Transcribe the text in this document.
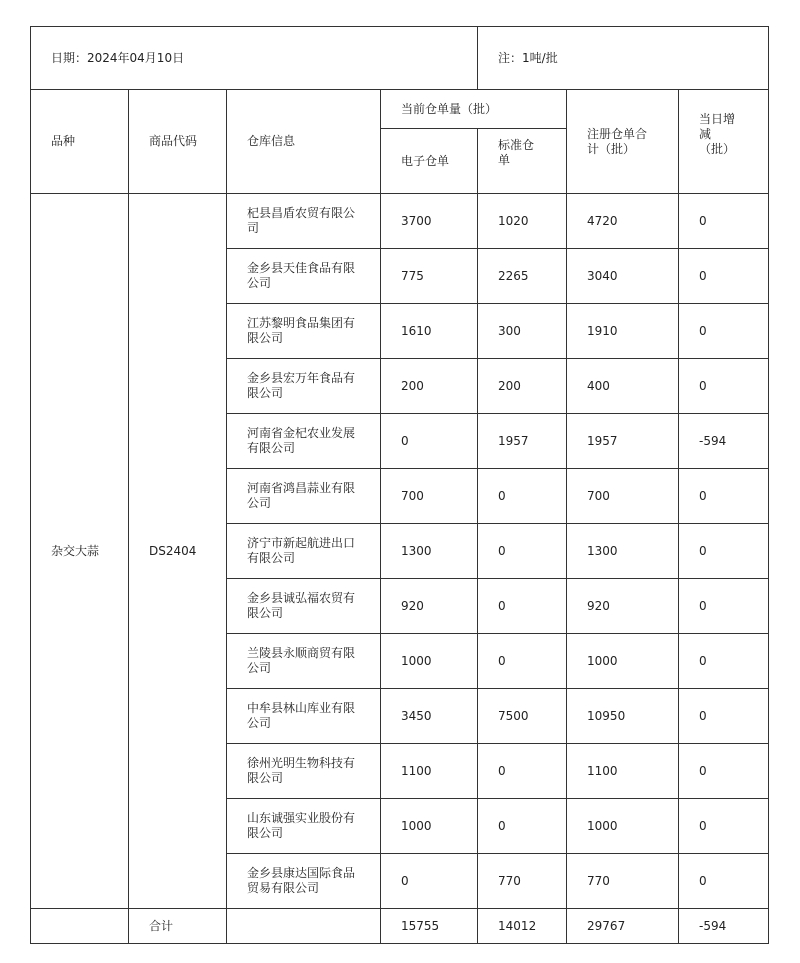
日期：2024年04月10日				注：1吨/批		
品种	商品代码	仓库信息	当前仓单量（批）		注册仓单合计（批）	当日增减（批）
			电子仓单	标准仓单		
杂交大蒜	DS2404	杞县昌盾农贸有限公司	3700	1020	4720	0
		金乡县天佳食品有限公司	775	2265	3040	0
		江苏黎明食品集团有限公司	1610	300	1910	0
		金乡县宏万年食品有限公司	200	200	400	0
		河南省金杞农业发展有限公司	0	1957	1957	-594
		河南省鸿昌蒜业有限公司	700	0	700	0
		济宁市新起航进出口有限公司	1300	0	1300	0
		金乡县诚弘福农贸有限公司	920	0	920	0
		兰陵县永顺商贸有限公司	1000	0	1000	0
		中牟县林山库业有限公司	3450	7500	10950	0
		徐州光明生物科技有限公司	1100	0	1100	0
		山东诚强实业股份有限公司	1000	0	1000	0
		金乡县康达国际食品贸易有限公司	0	770	770	0
	合计		15755	14012	29767	-594
